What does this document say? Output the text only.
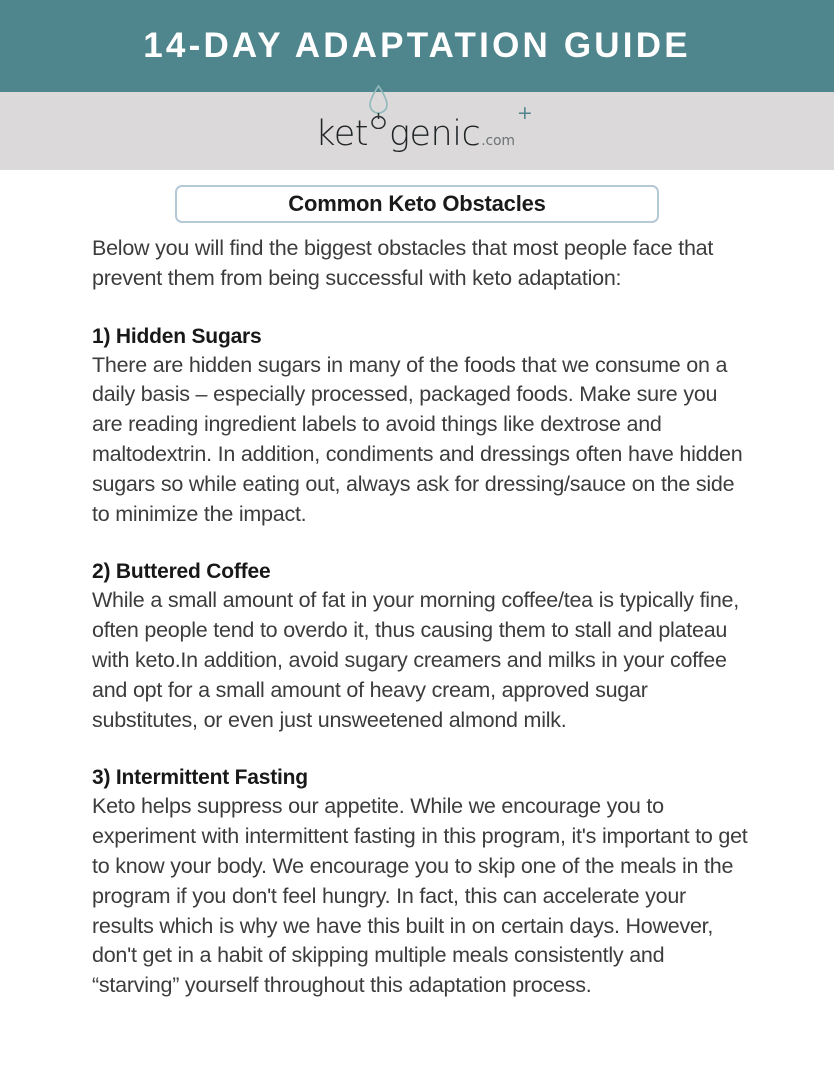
14-DAY ADAPTATION GUIDE
ket genic .com
+
Common Keto Obstacles

Below you will find the biggest obstacles that most people face that prevent them from being successful with keto adaptation:

1) Hidden Sugars

There are hidden sugars in many of the foods that we consume on a daily basis – especially processed, packaged foods. Make sure you are reading ingredient labels to avoid things like dextrose and maltodextrin. In addition, condiments and dressings often have hidden sugars so while eating out, always ask for dressing/sauce on the side to minimize the impact.

2) Buttered Coffee

While a small amount of fat in your morning coffee/tea is typically fine, often people tend to overdo it, thus causing them to stall and plateau with keto.In addition, avoid sugary creamers and milks in your coffee and opt for a small amount of heavy cream, approved sugar substitutes, or even just unsweetened almond milk.

3) Intermittent Fasting

Keto helps suppress our appetite. While we encourage you to experiment with intermittent fasting in this program, it's important to get to know your body. We encourage you to skip one of the meals in the program if you don't feel hungry. In fact, this can accelerate your results which is why we have this built in on certain days. However, don't get in a habit of skipping multiple meals consistently and “starving” yourself throughout this adaptation process.
